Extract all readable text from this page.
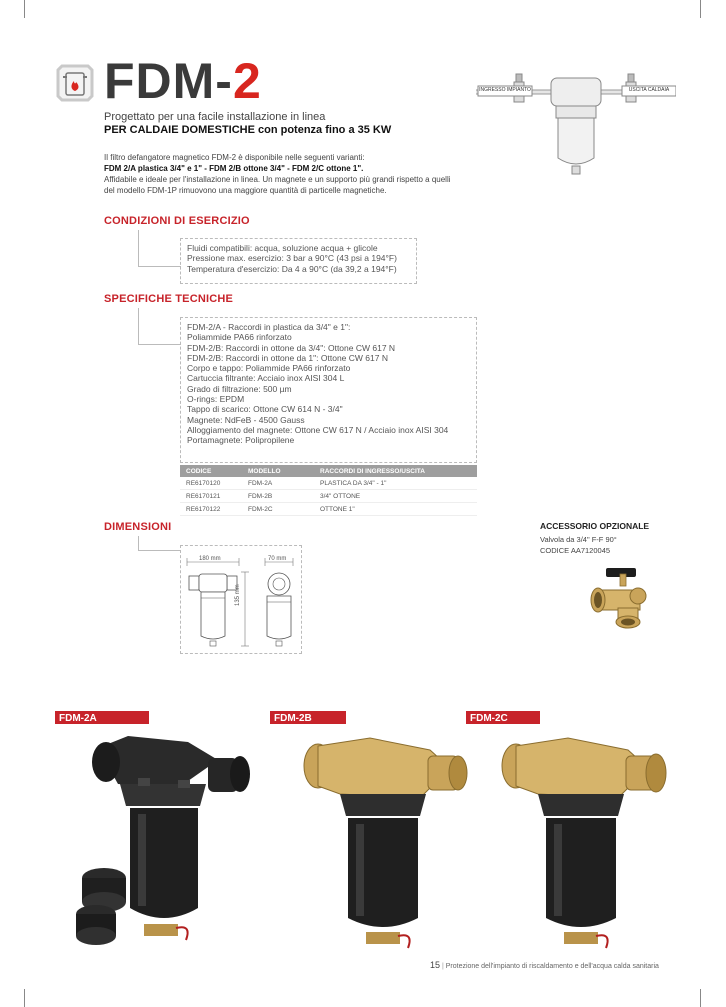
FDM-2
Progettato per una facile installazione in linea
PER CALDAIE DOMESTICHE con potenza fino a 35 KW
INGRESSO IMPIANTO	USCITA CALDAIA
Il filtro defangatore magnetico FDM-2 è disponibile nelle seguenti varianti:
FDM 2/A plastica 3/4" e 1" - FDM 2/B ottone 3/4" - FDM 2/C ottone 1".
Affidabile e ideale per l'installazione in linea. Un magnete e un supporto più grandi rispetto a quelli
del modello FDM-1P rimuovono una maggiore quantità di particelle magnetiche.
CONDIZIONI DI ESERCIZIO
Fluidi compatibili: acqua, soluzione acqua + glicole
Pressione max. esercizio: 3 bar a 90°C (43 psi a 194°F)
Temperatura d'esercizio: Da 4 a 90°C (da 39,2 a 194°F)
SPECIFICHE TECNICHE
FDM-2/A - Raccordi in plastica da 3/4" e 1":
Poliammide PA66 rinforzato
FDM-2/B: Raccordi in ottone da 3/4": Ottone CW 617 N
FDM-2/B: Raccordi in ottone da 1": Ottone CW 617 N
Corpo e tappo: Poliammide PA66 rinforzato
Cartuccia filtrante: Acciaio inox AISI 304 L
Grado di filtrazione: 500 µm
O-rings: EPDM
Tappo di scarico: Ottone CW 614 N - 3/4"
Magnete: NdFeB - 4500 Gauss
Alloggiamento del magnete: Ottone CW 617 N / Acciaio inox AISI 304
Portamagnete: Polipropilene
CODICE	MODELLO	RACCORDI DI INGRESSO/USCITA
RE6170120	FDM-2A	PLASTICA DA 3/4" - 1"
RE6170121	FDM-2B	3/4" OTTONE
RE6170122	FDM-2C	OTTONE 1"
DIMENSIONI
180 mm	70 mm
135 mm
ACCESSORIO OPZIONALE
Valvola da 3/4" F-F 90°
CODICE AA7120045
FDM-2A	FDM-2B	FDM-2C
15 | Protezione dell'impianto di riscaldamento e dell'acqua calda sanitaria
